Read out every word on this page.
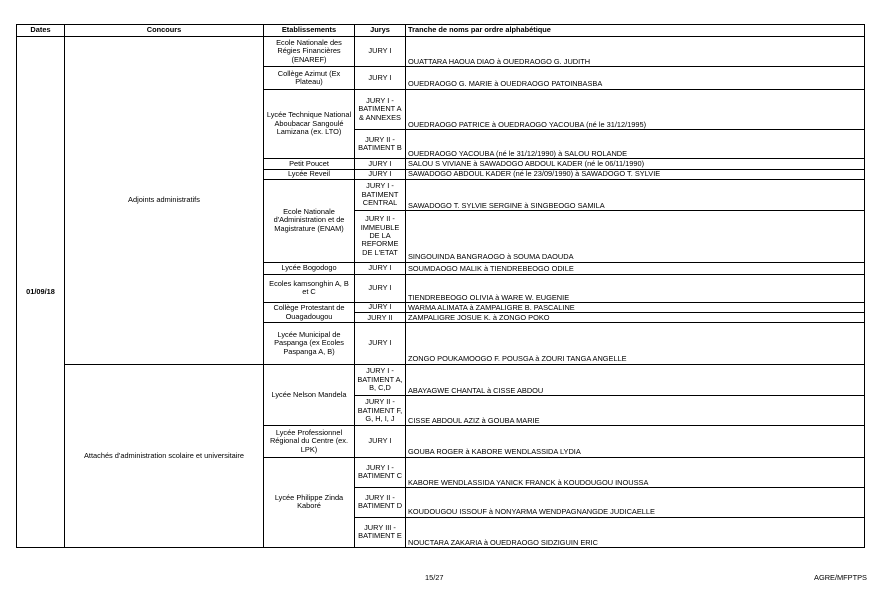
Dates	Concours	Etablissements	Jurys	Tranche de noms par ordre alphabétique
01/09/18	Adjoints administratifs	Ecole Nationale des Régies Financières (ENAREF)	JURY I	OUATTARA HAOUA DIAO à OUEDRAOGO G. JUDITH
		Collège Azimut (Ex Plateau)	JURY I	OUEDRAOGO G. MARIE à OUEDRAOGO PATOINBASBA
		Lycée Technique National Aboubacar Sangoulé Lamizana (ex. LTO)	JURY I - BATIMENT A & ANNEXES	OUEDRAOGO PATRICE à OUEDRAOGO YACOUBA (né le 31/12/1995)
			JURY II - BATIMENT B	OUEDRAOGO YACOUBA (né le 31/12/1990) à SALOU ROLANDE
		Petit Poucet	JURY I	SALOU S VIVIANE à SAWADOGO ABDOUL KADER (né le 06/11/1990)
		Lycée Reveil	JURY I	SAWADOGO ABDOUL KADER (né le 23/09/1990) à SAWADOGO T. SYLVIE
		Ecole Nationale d'Administration et de Magistrature (ENAM)	JURY I - BATIMENT CENTRAL	SAWADOGO T. SYLVIE SERGINE à SINGBEOGO SAMILA
			JURY II - IMMEUBLE DE LA REFORME DE L'ETAT	SINGOUINDA BANGRAOGO à SOUMA DAOUDA
		Lycée Bogodogo	JURY I	SOUMDAOGO MALIK à TIENDREBEOGO ODILE
		Ecoles kamsonghin A, B et C	JURY I	TIENDREBEOGO OLIVIA à WARE W. EUGENIE
		Collège Protestant de Ouagadougou	JURY I	WARMA ALIMATA à ZAMPALIGRE B. PASCALINE
			JURY II	ZAMPALIGRE JOSUE K. à ZONGO POKO
		Lycée Municipal de Paspanga (ex Ecoles Paspanga A, B)	JURY I	ZONGO POUKAMOOGO F. POUSGA à ZOURI TANGA ANGELLE
	Attachés d'administration scolaire et universitaire	Lycée Nelson Mandela	JURY I - BATIMENT A, B, C,D	ABAYAGWE CHANTAL à CISSE ABDOU
			JURY II - BATIMENT F, G, H, I, J	CISSE ABDOUL AZIZ à GOUBA MARIE
		Lycée Professionnel Régional du Centre (ex. LPK)	JURY I	GOUBA ROGER à KABORE WENDLASSIDA LYDIA
		Lycée Philippe Zinda Kaboré	JURY I - BATIMENT C	KABORE WENDLASSIDA YANICK FRANCK à KOUDOUGOU INOUSSA
			JURY II - BATIMENT D	KOUDOUGOU ISSOUF à NONYARMA WENDPAGNANGDE JUDICAELLE
			JURY III - BATIMENT E	NOUCTARA ZAKARIA à OUEDRAOGO SIDZIGUIN ERIC
15/27	AGRE/MFPTPS
